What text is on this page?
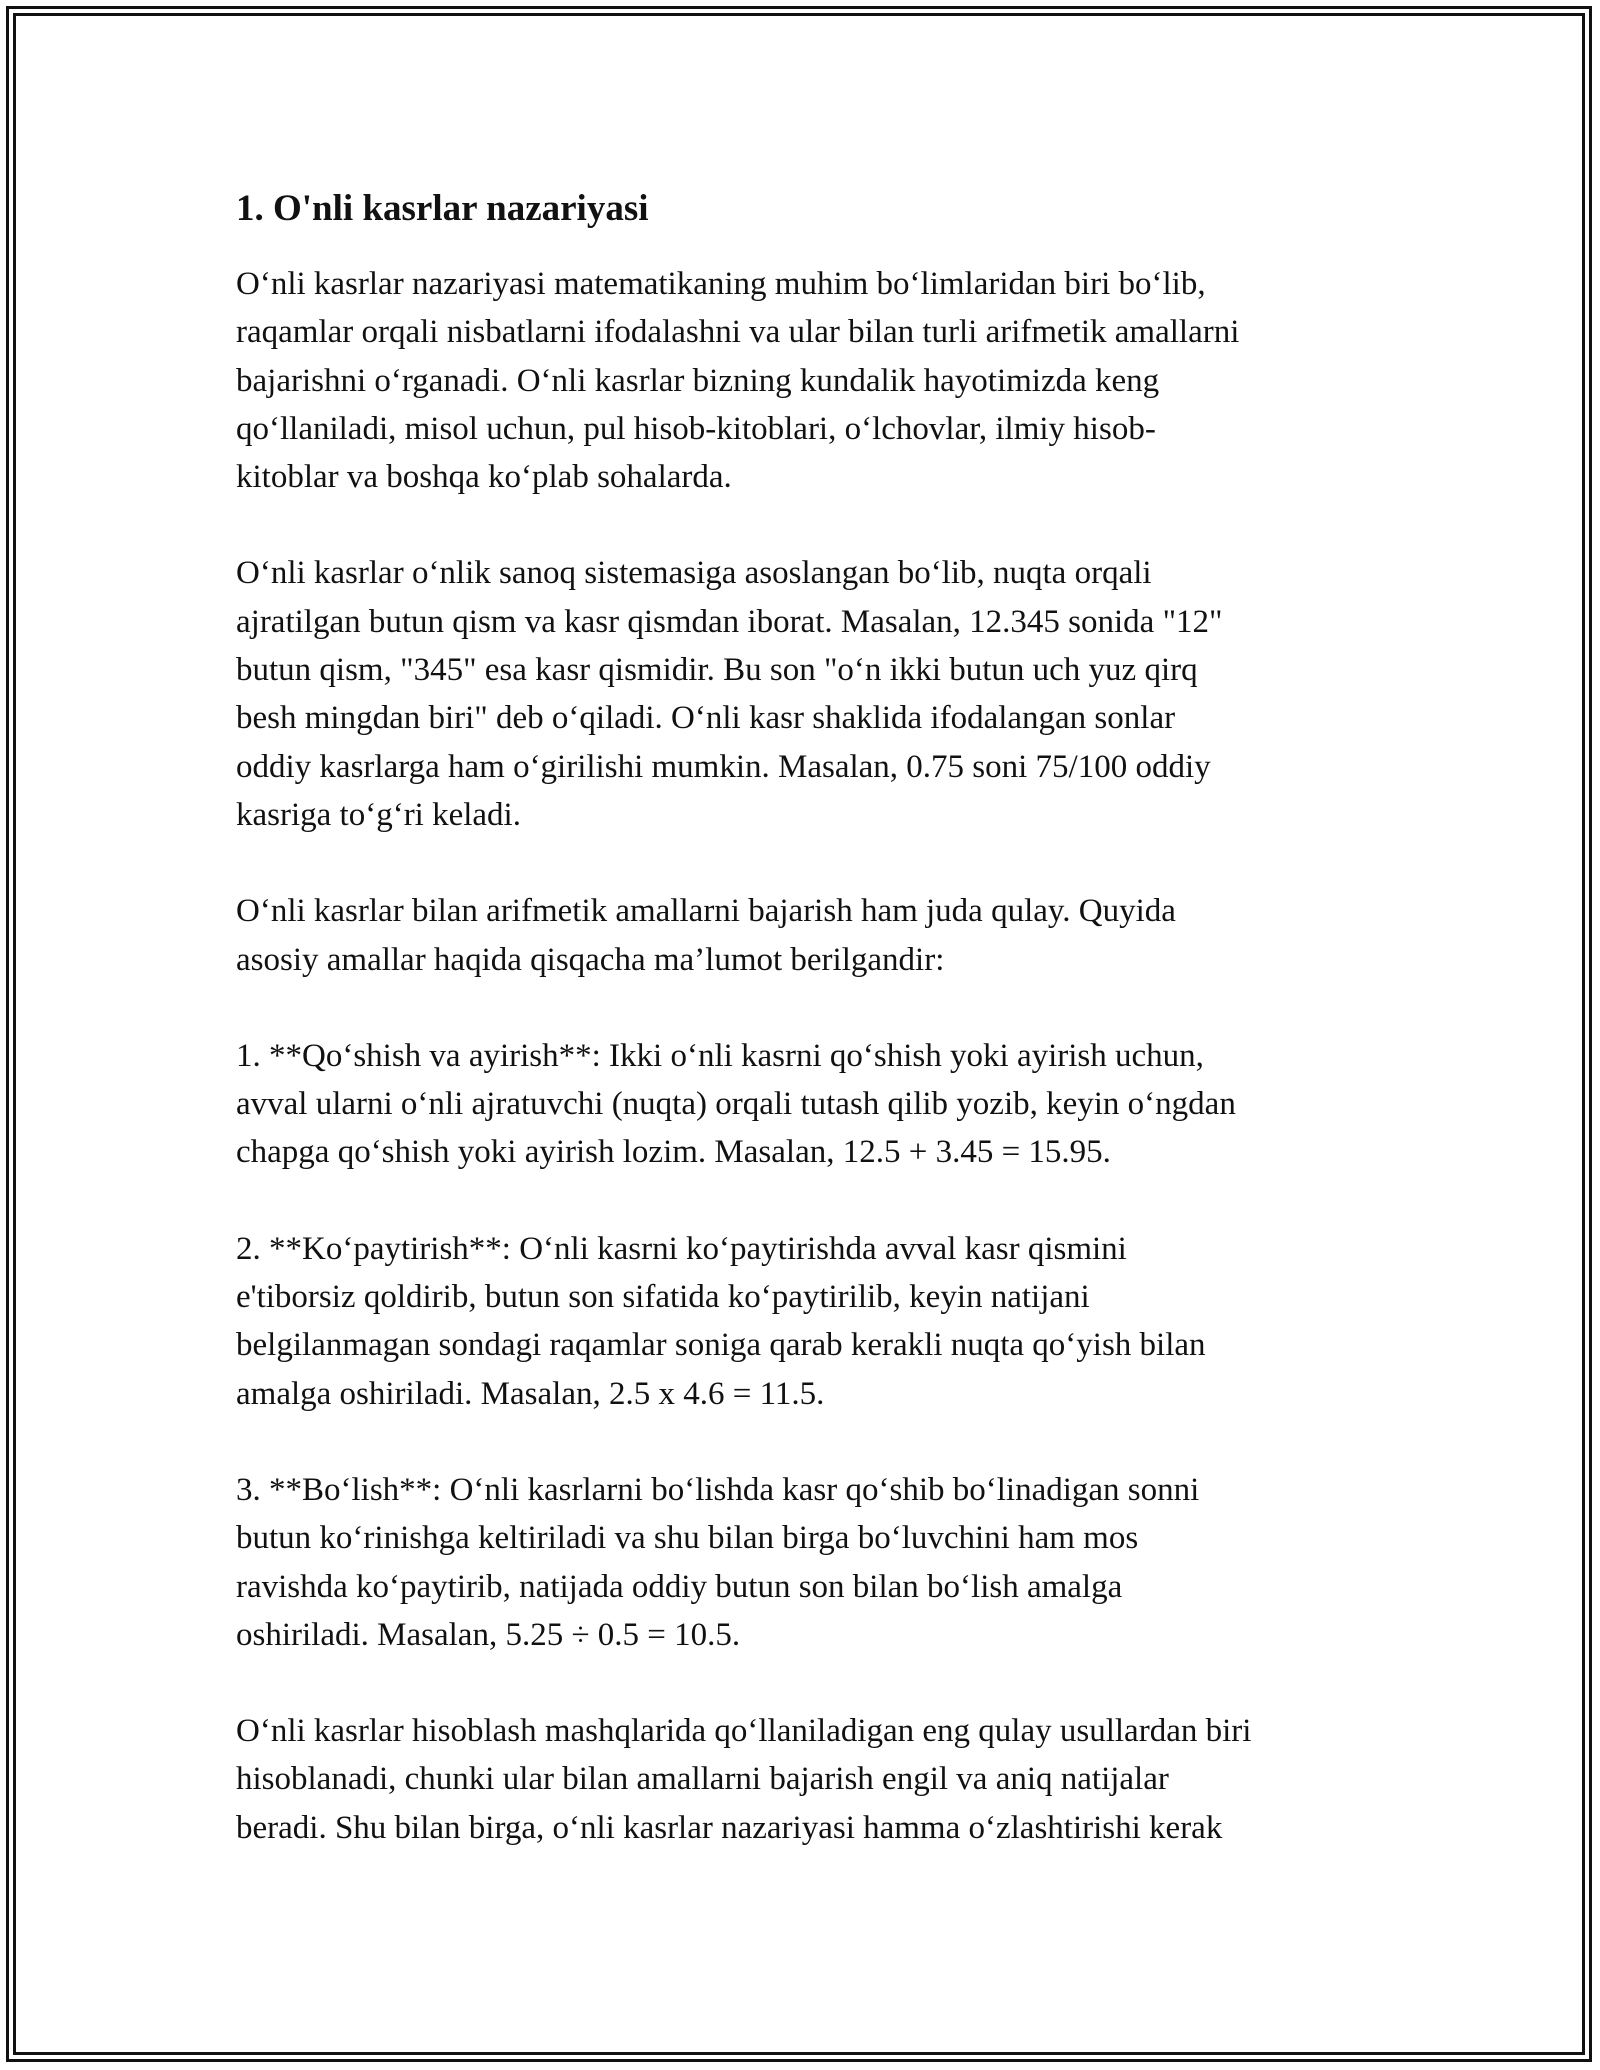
1. O'nli kasrlar nazariyasi
O‘nli kasrlar nazariyasi matematikaning muhim bo‘limlaridan biri bo‘lib,
raqamlar orqali nisbatlarni ifodalashni va ular bilan turli arifmetik amallarni
bajarishni o‘rganadi. O‘nli kasrlar bizning kundalik hayotimizda keng
qo‘llaniladi, misol uchun, pul hisob-kitoblari, o‘lchovlar, ilmiy hisob-
kitoblar va boshqa ko‘plab sohalarda.
O‘nli kasrlar o‘nlik sanoq sistemasiga asoslangan bo‘lib, nuqta orqali
ajratilgan butun qism va kasr qismdan iborat. Masalan, 12.345 sonida "12"
butun qism, "345" esa kasr qismidir. Bu son "o‘n ikki butun uch yuz qirq
besh mingdan biri" deb o‘qiladi. O‘nli kasr shaklida ifodalangan sonlar
oddiy kasrlarga ham o‘girilishi mumkin. Masalan, 0.75 soni 75/100 oddiy
kasriga to‘g‘ri keladi.
O‘nli kasrlar bilan arifmetik amallarni bajarish ham juda qulay. Quyida
asosiy amallar haqida qisqacha ma’lumot berilgandir:
1. **Qo‘shish va ayirish**: Ikki o‘nli kasrni qo‘shish yoki ayirish uchun,
avval ularni o‘nli ajratuvchi (nuqta) orqali tutash qilib yozib, keyin o‘ngdan
chapga qo‘shish yoki ayirish lozim. Masalan, 12.5 + 3.45 = 15.95.
2. **Ko‘paytirish**: O‘nli kasrni ko‘paytirishda avval kasr qismini
e'tiborsiz qoldirib, butun son sifatida ko‘paytirilib, keyin natijani
belgilanmagan sondagi raqamlar soniga qarab kerakli nuqta qo‘yish bilan
amalga oshiriladi. Masalan, 2.5 x 4.6 = 11.5.
3. **Bo‘lish**: O‘nli kasrlarni bo‘lishda kasr qo‘shib bo‘linadigan sonni
butun ko‘rinishga keltiriladi va shu bilan birga bo‘luvchini ham mos
ravishda ko‘paytirib, natijada oddiy butun son bilan bo‘lish amalga
oshiriladi. Masalan, 5.25 ÷ 0.5 = 10.5.
O‘nli kasrlar hisoblash mashqlarida qo‘llaniladigan eng qulay usullardan biri
hisoblanadi, chunki ular bilan amallarni bajarish engil va aniq natijalar
beradi. Shu bilan birga, o‘nli kasrlar nazariyasi hamma o‘zlashtirishi kerak
